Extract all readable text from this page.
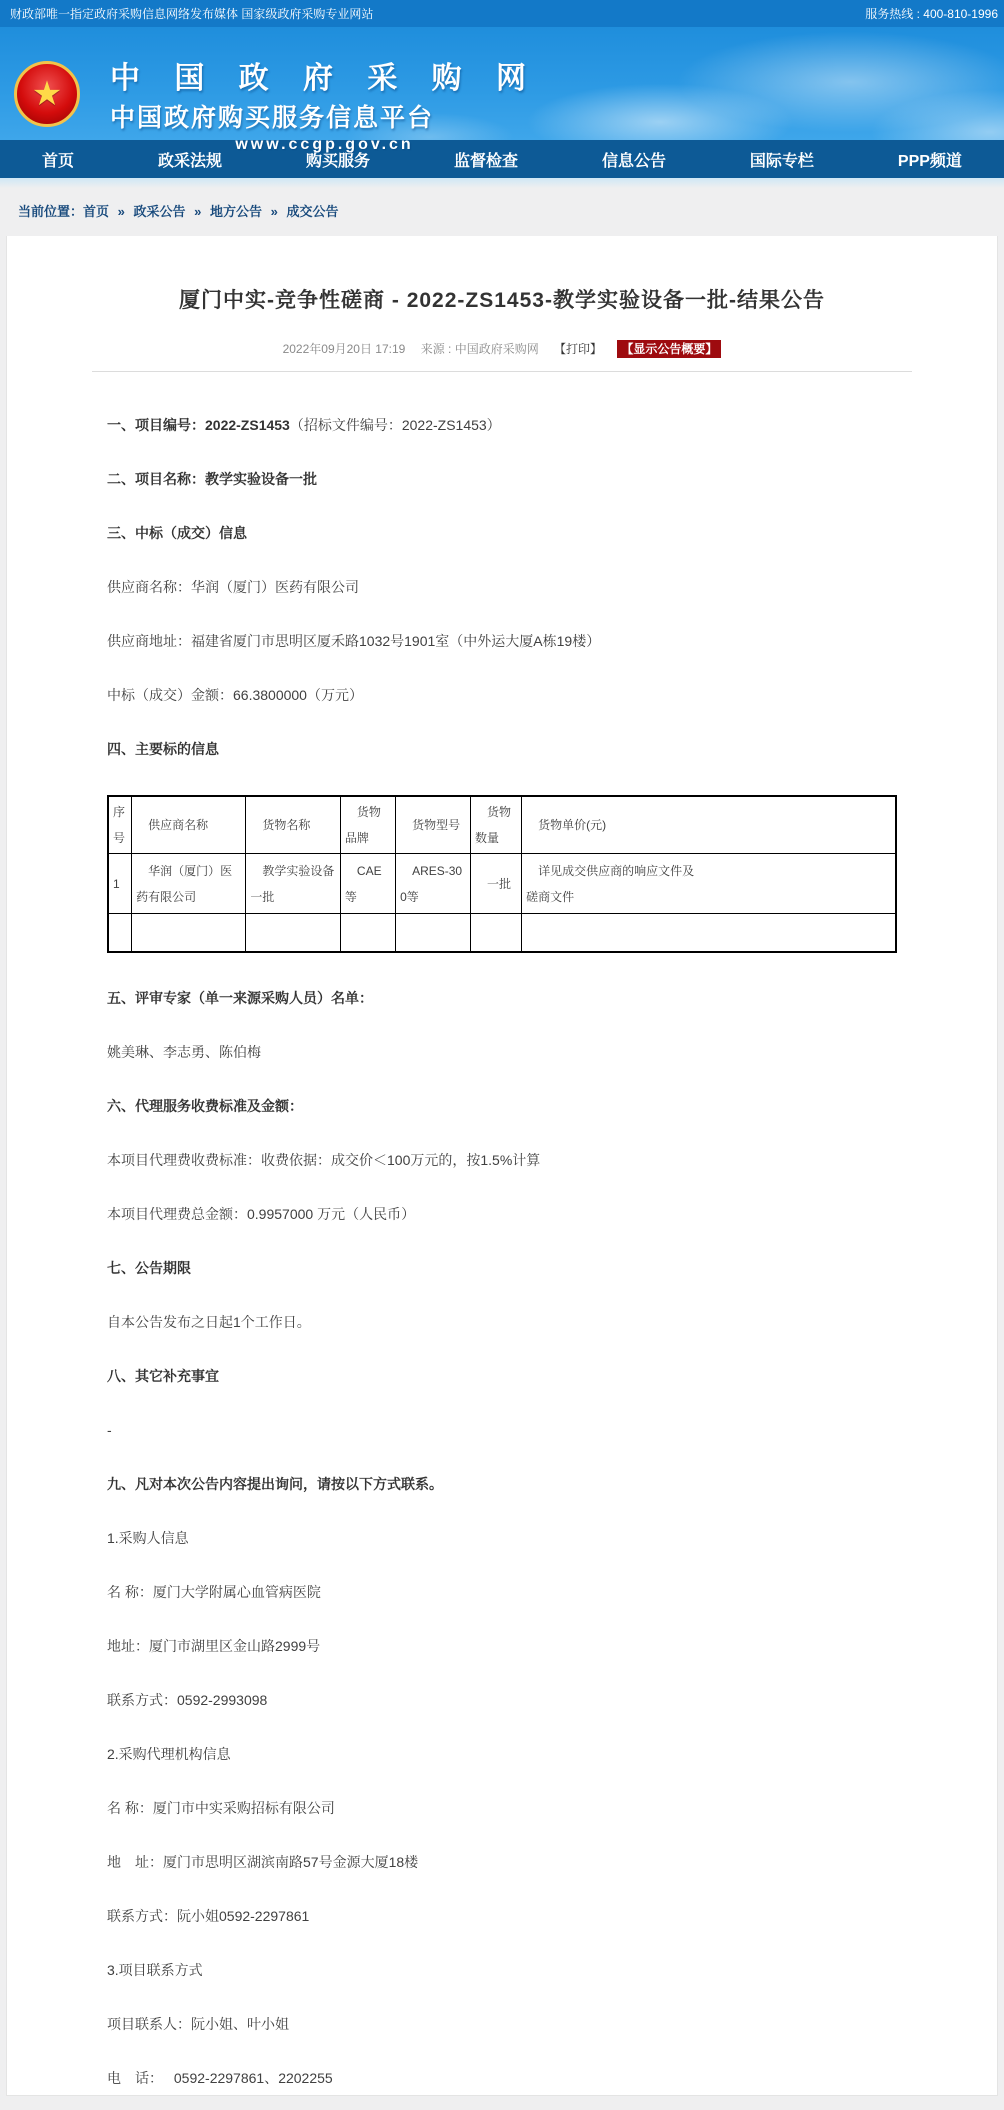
财政部唯一指定政府采购信息网络发布媒体 国家级政府采购专业网站	服务热线 : 400-810-1996
★ 中 国 政 府 采 购 网
中国政府购买服务信息平台
www.ccgp.gov.cn
首页	政采法规	购买服务	监督检查	信息公告	国际专栏	PPP频道
当前位置：首页 » 政采公告 » 地方公告 » 成交公告
厦门中实-竞争性磋商 - 2022-ZS1453-教学实验设备一批-结果公告
2022年09月20日 17:19 来源 : 中国政府采购网 【打印】 【显示公告概要】

一、项目编号：2022-ZS1453（招标文件编号：2022-ZS1453）

二、项目名称：教学实验设备一批

三、中标（成交）信息

供应商名称：华润（厦门）医药有限公司

供应商地址：福建省厦门市思明区厦禾路1032号1901室（中外运大厦A栋19楼）

中标（成交）金额：66.3800000（万元）

四、主要标的信息

序号	供应商名称	货物名称	货物品牌	货物型号	货物数量	货物单价(元)
1	华润（厦门）医药有限公司	教学实验设备一批	CAE等	ARES-300等	一批	详见成交供应商的响应文件及磋商文件

五、评审专家（单一来源采购人员）名单：

姚美琳、李志勇、陈伯梅

六、代理服务收费标准及金额：

本项目代理费收费标准：收费依据：成交价＜100万元的，按1.5%计算

本项目代理费总金额：0.9957000 万元（人民币）

七、公告期限

自本公告发布之日起1个工作日。

八、其它补充事宜

-

九、凡对本次公告内容提出询问，请按以下方式联系。

1.采购人信息

名 称：厦门大学附属心血管病医院

地址：厦门市湖里区金山路2999号

联系方式：0592-2993098

2.采购代理机构信息

名 称：厦门市中实采购招标有限公司

地　址：厦门市思明区湖滨南路57号金源大厦18楼

联系方式：阮小姐0592-2297861

3.项目联系方式

项目联系人：阮小姐、叶小姐

电　话：　 0592-2297861、2202255
